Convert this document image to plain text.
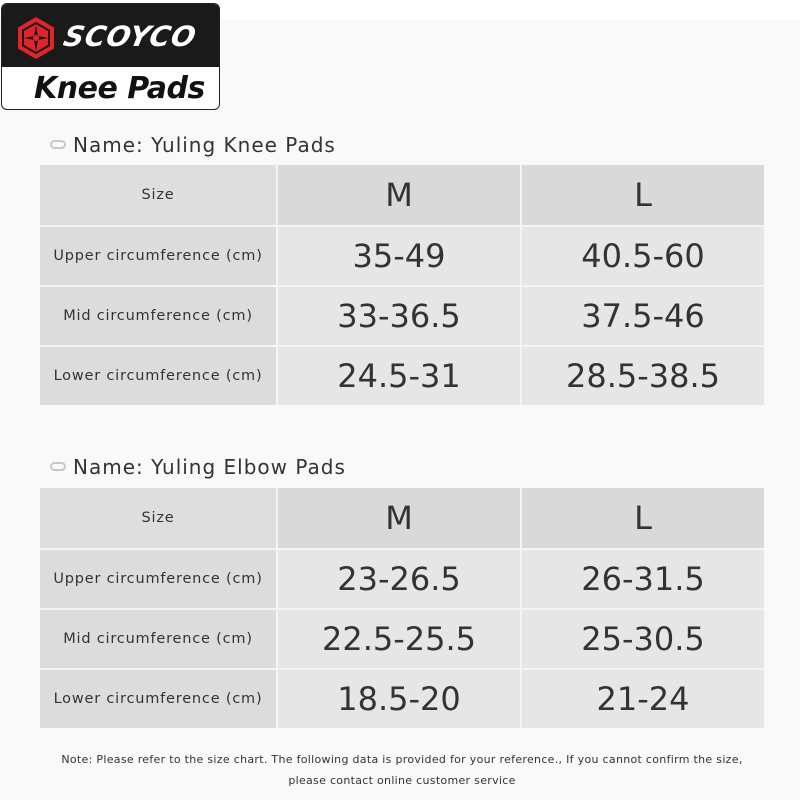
SCOYCO
Knee Pads
Name: Yuling Knee Pads
Size	M	L
Upper circumference (cm)	35-49	40.5-60
Mid circumference (cm)	33-36.5	37.5-46
Lower circumference (cm)	24.5-31	28.5-38.5
Name: Yuling Elbow Pads
Size	M	L
Upper circumference (cm)	23-26.5	26-31.5
Mid circumference (cm)	22.5-25.5	25-30.5
Lower circumference (cm)	18.5-20	21-24
Note: Please refer to the size chart. The following data is provided for your reference., If you cannot confirm the size,
please contact online customer service
